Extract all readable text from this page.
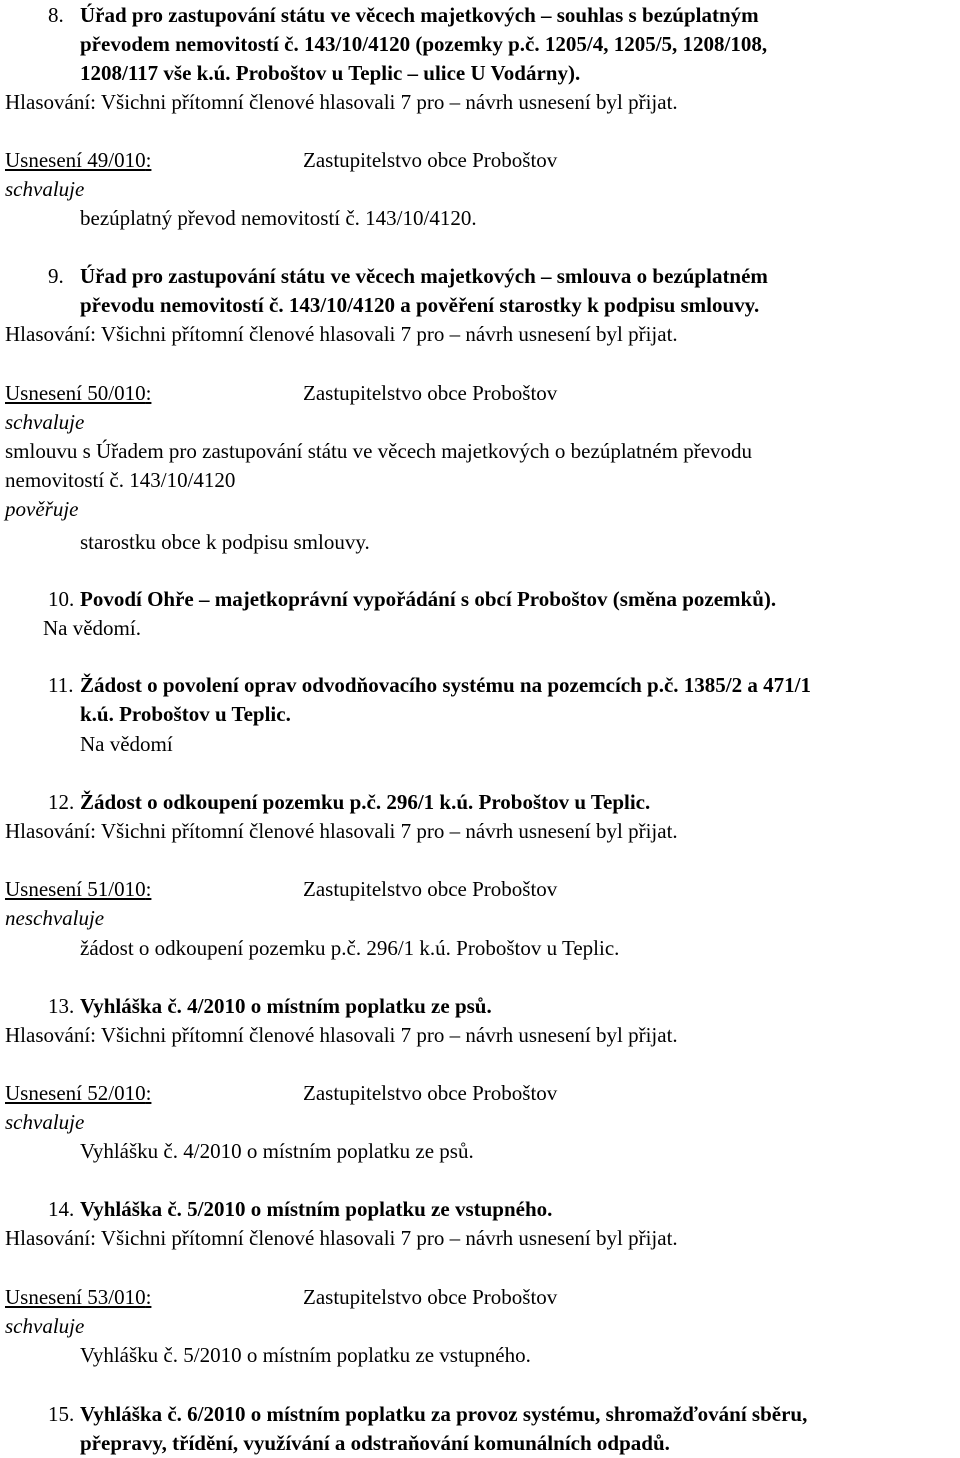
8. Úřad pro zastupování státu ve věcech majetkových – souhlas s bezúplatným
převodem nemovitostí č. 143/10/4120 (pozemky p.č. 1205/4, 1205/5, 1208/108,
1208/117 vše k.ú. Proboštov u Teplic – ulice U Vodárny).
Hlasování: Všichni přítomní členové hlasovali 7 pro – návrh usnesení byl přijat.
Usnesení 49/010:	Zastupitelstvo obce Proboštov
schvaluje
bezúplatný převod nemovitostí č. 143/10/4120.
9. Úřad pro zastupování státu ve věcech majetkových – smlouva o bezúplatném
převodu nemovitostí č. 143/10/4120 a pověření starostky k podpisu smlouvy.
Hlasování: Všichni přítomní členové hlasovali 7 pro – návrh usnesení byl přijat.
Usnesení 50/010:	Zastupitelstvo obce Proboštov
schvaluje
smlouvu s Úřadem pro zastupování státu ve věcech majetkových o bezúplatném převodu
nemovitostí č. 143/10/4120
pověřuje
starostku obce k podpisu smlouvy.
10. Povodí Ohře – majetkoprávní vypořádání s obcí Proboštov (směna pozemků).
Na vědomí.
11. Žádost o povolení oprav odvodňovacího systému na pozemcích p.č. 1385/2 a 471/1
k.ú. Proboštov u Teplic.
Na vědomí
12. Žádost o odkoupení pozemku p.č. 296/1 k.ú. Proboštov u Teplic.
Hlasování: Všichni přítomní členové hlasovali 7 pro – návrh usnesení byl přijat.
Usnesení 51/010:	Zastupitelstvo obce Proboštov
neschvaluje
žádost o odkoupení pozemku p.č. 296/1 k.ú. Proboštov u Teplic.
13. Vyhláška č. 4/2010 o místním poplatku ze psů.
Hlasování: Všichni přítomní členové hlasovali 7 pro – návrh usnesení byl přijat.
Usnesení 52/010:	Zastupitelstvo obce Proboštov
schvaluje
Vyhlášku č. 4/2010 o místním poplatku ze psů.
14. Vyhláška č. 5/2010 o místním poplatku ze vstupného.
Hlasování: Všichni přítomní členové hlasovali 7 pro – návrh usnesení byl přijat.
Usnesení 53/010:	Zastupitelstvo obce Proboštov
schvaluje
Vyhlášku č. 5/2010 o místním poplatku ze vstupného.
15. Vyhláška č. 6/2010 o místním poplatku za provoz systému, shromažďování sběru,
přepravy, třídění, využívání a odstraňování komunálních odpadů.
